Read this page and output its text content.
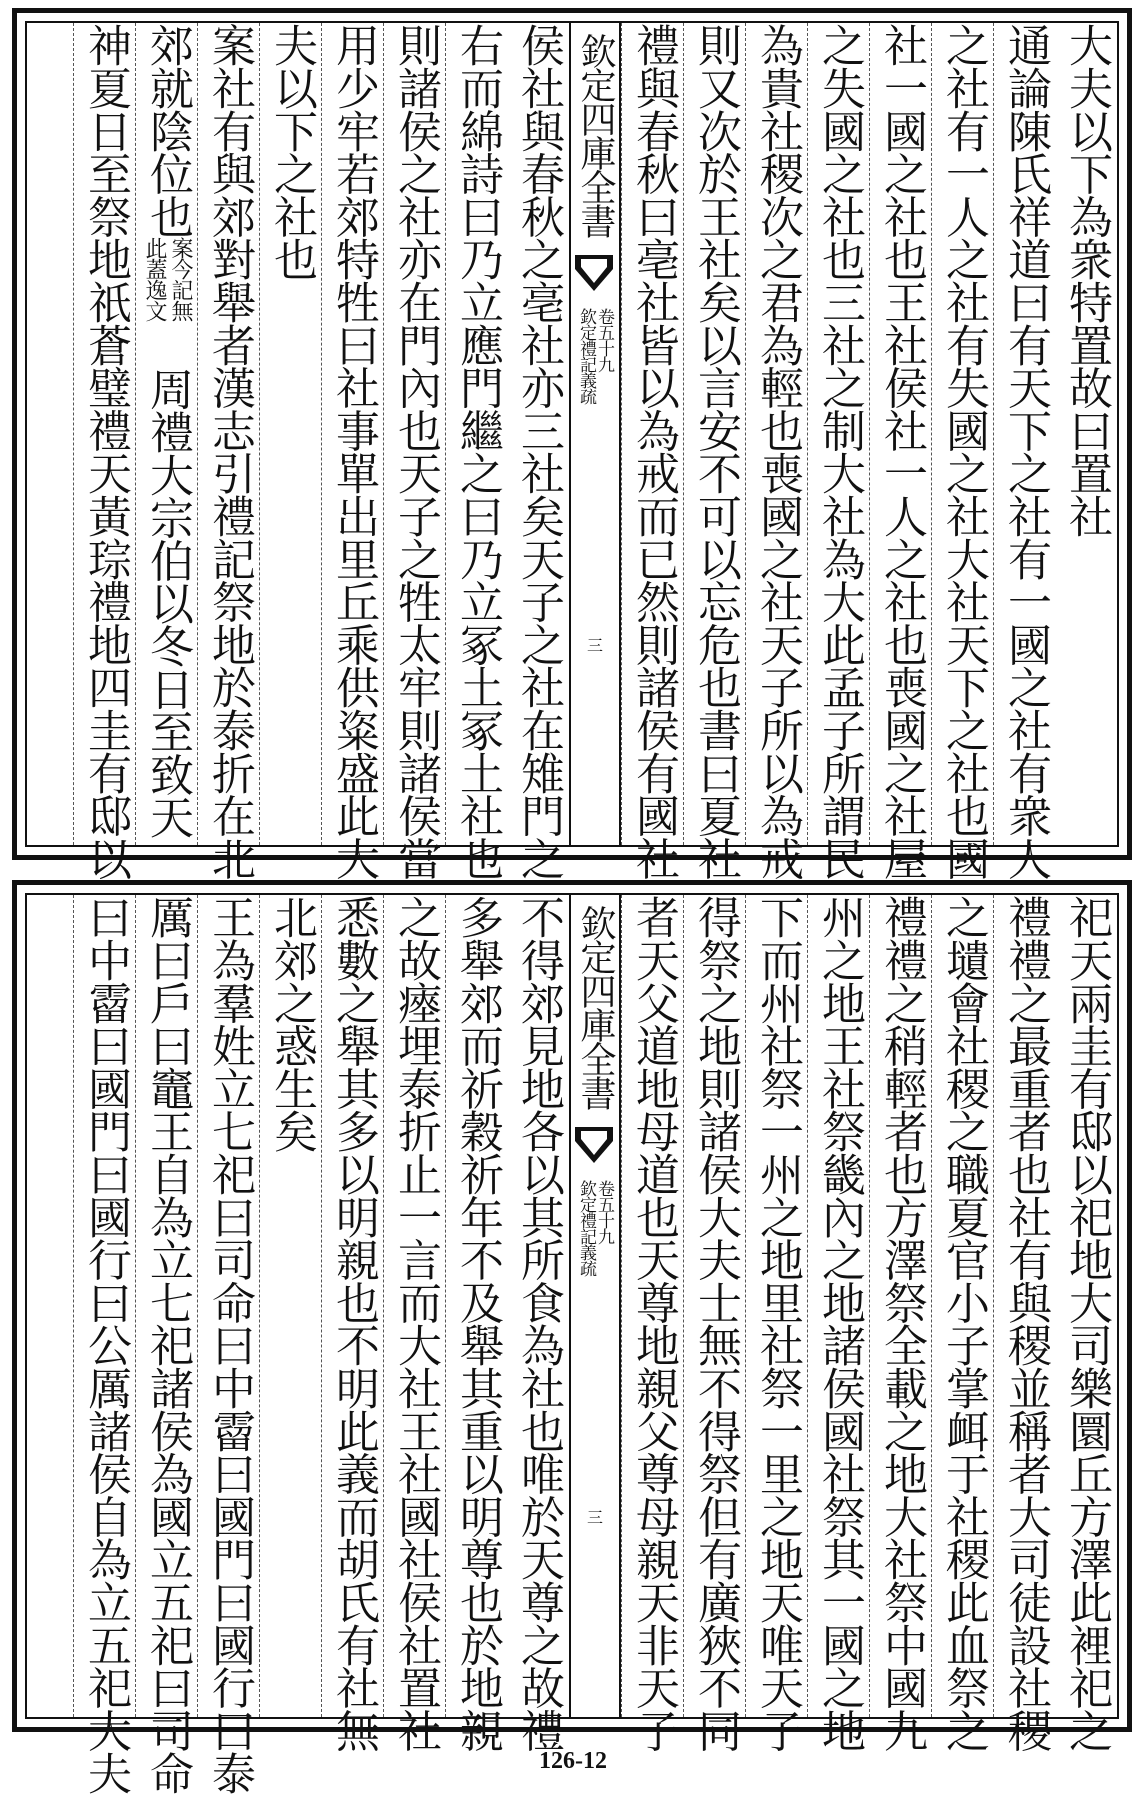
大夫以下為衆特置故曰置社
通論陳氏祥道曰有天下之社有一國之社有衆人
之社有一人之社有失國之社大社天下之社也國
社一國之社也王社侯社一人之社也喪國之社屋
之失國之社也三社之制大社為大此孟子所謂民
為貴社稷次之君為輕也喪國之社天子所以為戒
則又次於王社矣以言安不可以忘危也書曰夏社
禮與春秋曰亳社皆以為戒而已然則諸侯有國社
欽定四庫全書
欽定禮記義疏
卷五十九
三
侯社與春秋之亳社亦三社矣天子之社在雉門之
右而綿詩曰乃立應門繼之曰乃立冢土冢土社也
則諸侯之社亦在門內也天子之牲太牢則諸侯當
用少牢若郊特牲曰社事單出里丘乘供粢盛此大
夫以下之社也
案社有與郊對舉者漢志引禮記祭地於泰折在北
郊就陰位也
案今記無
此蓋逸文
周禮大宗伯以冬日至致天
神夏日至祭地祇蒼璧禮天黃琮禮地四圭有邸以
祀天兩圭有邸以祀地大司樂圜丘方澤此裡祀之
禮禮之最重者也社有與稷並稱者大司徒設社稷
之壝會社稷之職夏官小子掌衈于社稷此血祭之
禮禮之稍輕者也方澤祭全載之地大社祭中國九
州之地王社祭畿內之地諸侯國社祭其一國之地
下而州社祭一州之地里社祭一里之地天唯天子
得祭之地則諸侯大夫士無不得祭但有廣狹不同
者天父道地母道也天尊地親父尊母親天非天子
欽定四庫全書
欽定禮記義疏
卷五十九
三
不得郊見地各以其所食為社也唯於天尊之故禮
多舉郊而祈穀祈年不及舉其重以明尊也於地親
之故瘞埋泰折止一言而大社王社國社侯社置社
悉數之舉其多以明親也不明此義而胡氏有社無
北郊之惑生矣
王為羣姓立七祀曰司命曰中霤曰國門曰國行曰泰
厲曰戶曰竈王自為立七祀諸侯為國立五祀曰司命
曰中霤曰國門曰國行曰公厲諸侯自為立五祀大夫	126-12
